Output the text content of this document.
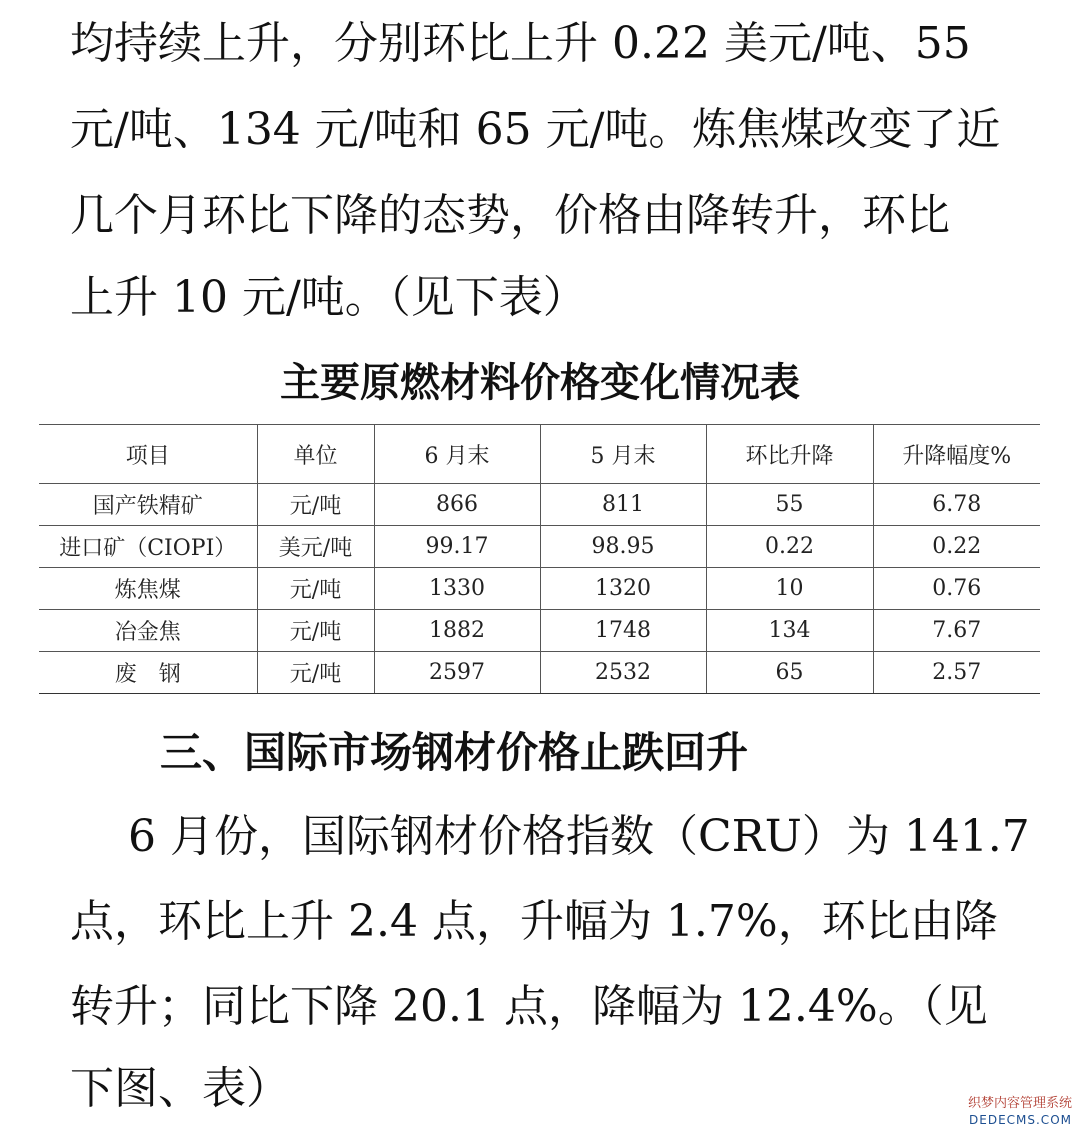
均持续上升，分别环比上升 0.22 美元/吨、55
元/吨、134 元/吨和 65 元/吨。炼焦煤改变了近
几个月环比下降的态势，价格由降转升，环比
上升 10 元/吨。（见下表）
主要原燃材料价格变化情况表
项目	单位	6 月末	5 月末	环比升降	升降幅度%
国产铁精矿	元/吨	866	811	55	6.78
进口矿（CIOPI）	美元/吨	99.17	98.95	0.22	0.22
炼焦煤	元/吨	1330	1320	10	0.76
冶金焦	元/吨	1882	1748	134	7.67
废　钢	元/吨	2597	2532	65	2.57
三、国际市场钢材价格止跌回升
　 6 月份，国际钢材价格指数（CRU）为 141.7
点，环比上升 2.4 点，升幅为 1.7%，环比由降
转升；同比下降 20.1 点，降幅为 12.4%。（见
下图、表）	织梦内容管理系统
DEDECMS.COM
